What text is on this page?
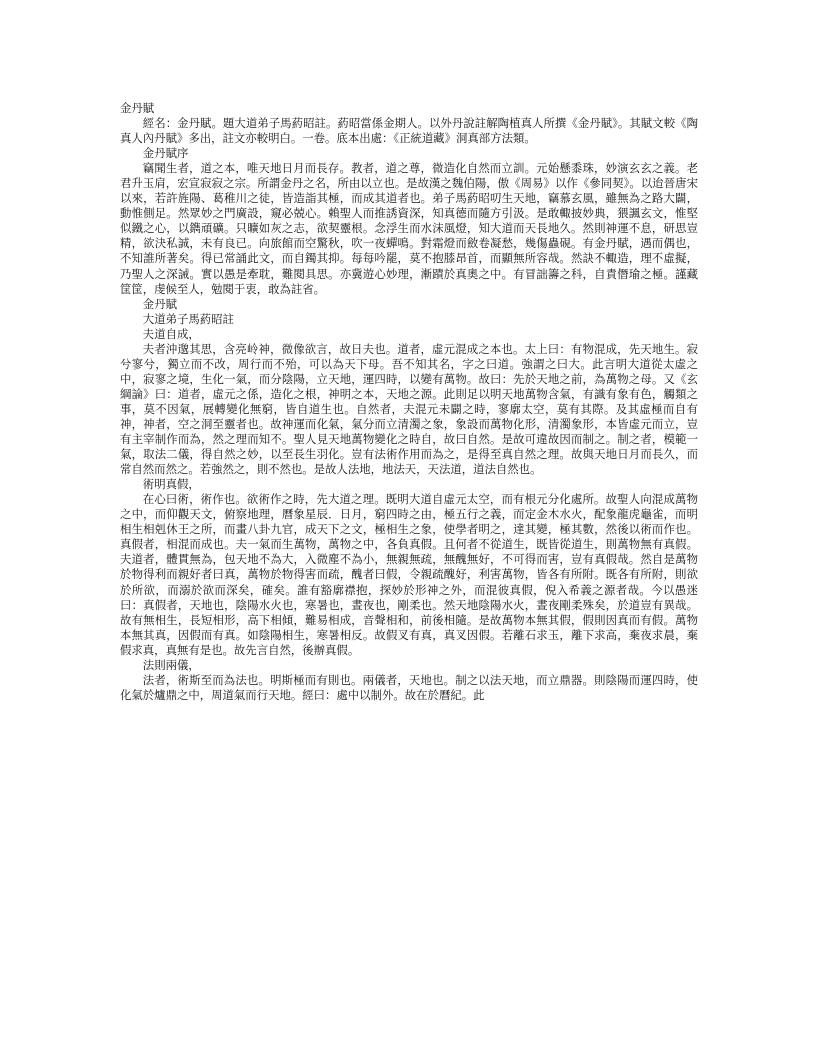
金丹賦

經名：金丹賦。題大道弟子馬葯昭註。葯昭當係金期人。以外丹說註解陶植真人所撰《金丹賦》。其賦文較《陶真人內丹賦》多出，註文亦較明白。一卷。底本出處：《正統道藏》洞真部方法類。

金丹賦序

竊聞生者，道之本，唯天地日月而長存。教者，道之尊，微造化自然而立訓。元始懸黍珠，妙演玄玄之義。老君升玉肩，宏宣寂寂之宗。所謂金丹之名，所由以立也。是故漢之魏伯陽，傲《周易》以作《參同契》。以迨晉唐宋以來，若許旌陽、葛稚川之徒，皆造詣其極，而成其道者也。弟子馬葯昭叨生天地，竊慕玄風，雖無為之路大闢，動惟側足。然眾妙之門廣設，窺必兢心。賴聖人而推誘資深，知真德而隨方引汲。是敢輙披妙典，猥諷玄文，惟堅似鐵之心，以鐫頑礦。只曠如灰之志，欲契靈根。念浮生而水沫風燈，知大道而天長地久。然則神運不息，研思豈精，欲決私誠，未有良已。向旅館而空驚秋，吹一夜蟬鳴。對霜燈而斂卷凝愁，幾傷蟲硯。有金丹賦，遇而偶也，不知誰所著矣。得已常誦此文，而自鐲其抑。每每吟罷，莫不抱膝昂首，而顯無所容哉。然訣不輙造，理不虛擬，乃聖人之深誡。實以愚是牽耽，難閱具思。亦冀遊心妙理，漸蹟於真奧之中。有冒詘籌之科，自責僭瑜之極。謹藏筐筐，虔候至人，勉閱于衷，敢為註省。

金丹賦
大道弟子馬葯昭註
夫道自成，

夫者沖邈其思，含亮岭神，微像欲言，故日夫也。道者，虛元混成之本也。太上曰：有物混成，先天地生。寂兮寥兮，獨立而不改，周行而不殆，可以為天下母。吾不知其名，字之曰道。強謂之曰大。此言明大道從太虛之中，寂寥之境，生化一氣，而分陰陽，立天地，運四時，以變有萬物。故曰：先於天地之前，為萬物之母。又《玄綱論》曰：道者，虛元之係，造化之根，神明之本，天地之源。此則足以明天地萬物含氣，有識有象有色，觸類之事，莫不因氣，展轉變化無窮，皆自道生也。自然者，夫混元未闢之時，寥廓太空，莫有其際。及其虛極而自有神，神者，空之洞至靈者也。故神運而化氣，氣分而立清濁之象，象設而萬物化形，清濁象形，本皆虛元而立，豈有主宰制作而為，然之理而知不。聖人見天地萬物變化之時自，故曰自然。是故可違故因而制之。制之者，模範一氣，取法二儀，得自然之妙，以至長生羽化。豈有法術作用而為之，是得至真自然之理。故與天地日月而長久，而常自然而然之。若強然之，則不然也。是故人法地，地法天，天法道，道法自然也。

術明真假，

在心曰術，術作也。欲術作之時，先大道之理。既明大道自虛元太空，而有根元分化處所。故聖人向混成萬物之中，而仰觀天文，俯察地理，曆象星辰．日月，窮四時之由，極五行之義，而定金木水火，配象龍虎龜雀，而明相生相剋休王之所，而畫八卦九官，成天下之文，極相生之象，使學者明之，達其變，極其數，然後以術而作也。真假者，相混而成也。夫一氣而生萬物，萬物之中，各負真假。且何者不從道生，既皆從道生，則萬物無有真假。夫道者，體貫無為，包天地不為大，入微塵不為小，無親無疏，無醜無好，不可得而害，豈有真假哉。然自是萬物於物得利而親好者曰真，萬物於物得害而疏，醜者曰假，令親疏醜好，利害萬物，皆各有所附。既各有所附，則欲於所欲，而溺於欲而深矣，確矣。誰有豁廓襟抱，探妙於形神之外，而混彼真假，倪入希義之源者哉。今以愚迷曰：真假者，天地也，陰陽水火也，寒暑也，晝夜也，剛柔也。然天地陰陽水火，晝夜剛柔殊矣，於道豈有異哉。故有無相生，長短相形，高下相傾，難易相成，音聲相和，前後相隨。是故萬物本無其假，假則因真而有假。萬物本無其真，因假而有真。如陰陽相生，寒暑相反。故假叉有真，真叉因假。若離石求玉，離下求高，棄夜求晨，棄假求真，真無有是也。故先言自然，後辦真假。

法則兩儀，

法者，術斯至而為法也。明斯極而有則也。兩儀者，天地也。制之以法天地，而立鼎器。則陰陽而運四時，使化氣於爐鼎之中，周道氣而行天地。經曰：處中以制外。故在於曆紀。此
